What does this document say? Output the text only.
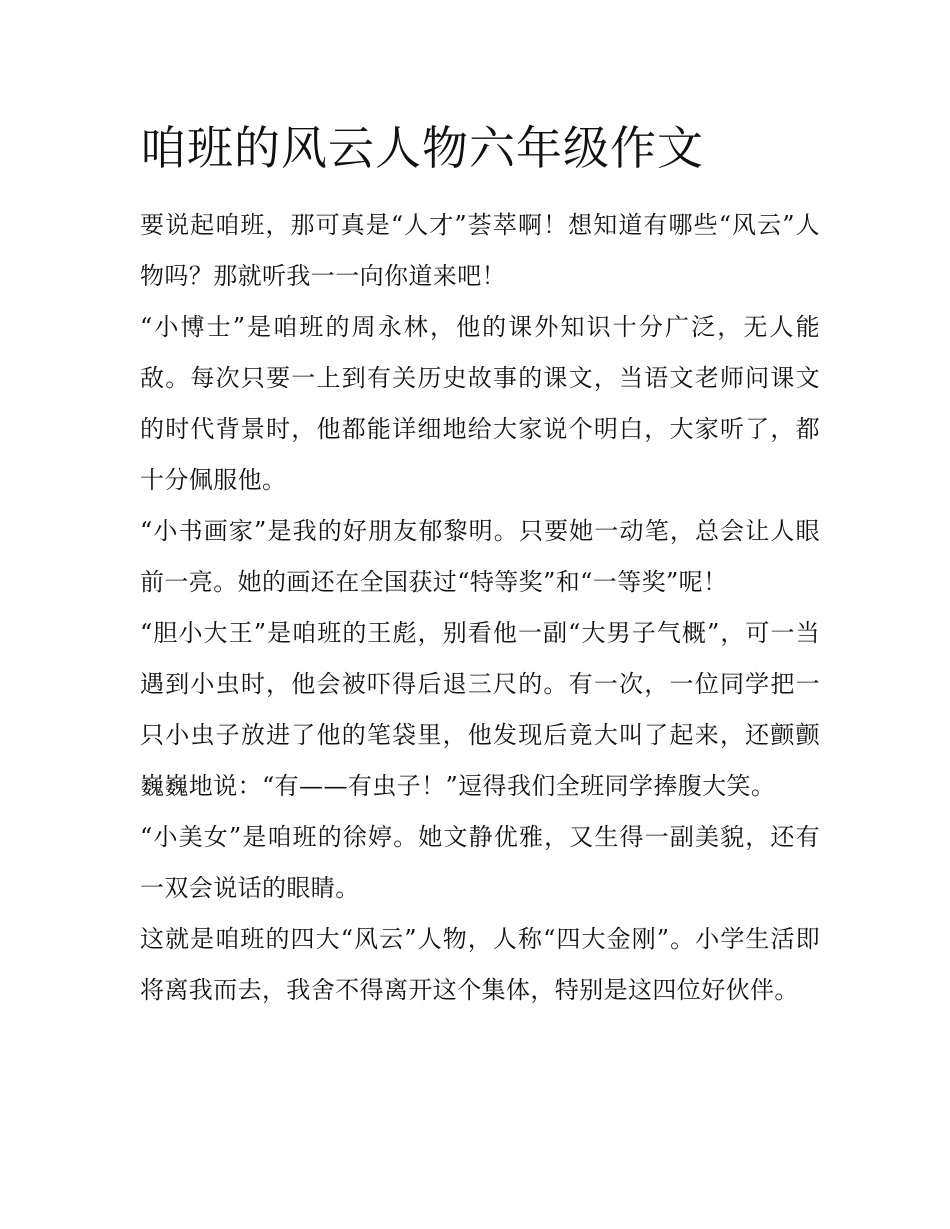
咱班的风云人物六年级作文

要说起咱班，那可真是“人才”荟萃啊！想知道有哪些“风云”人物吗？那就听我一一向你道来吧！

“小博士”是咱班的周永林，他的课外知识十分广泛，无人能敌。每次只要一上到有关历史故事的课文，当语文老师问课文的时代背景时，他都能详细地给大家说个明白，大家听了，都十分佩服他。

“小书画家”是我的好朋友郁黎明。只要她一动笔，总会让人眼前一亮。她的画还在全国获过“特等奖”和“一等奖”呢！

“胆小大王”是咱班的王彪，别看他一副“大男子气概”，可一当遇到小虫时，他会被吓得后退三尺的。有一次，一位同学把一只小虫子放进了他的笔袋里，他发现后竟大叫了起来，还颤颤巍巍地说：“有——有虫子！”逗得我们全班同学捧腹大笑。

“小美女”是咱班的徐婷。她文静优雅，又生得一副美貌，还有一双会说话的眼睛。

这就是咱班的四大“风云”人物，人称“四大金刚”。小学生活即将离我而去，我舍不得离开这个集体，特别是这四位好伙伴。
